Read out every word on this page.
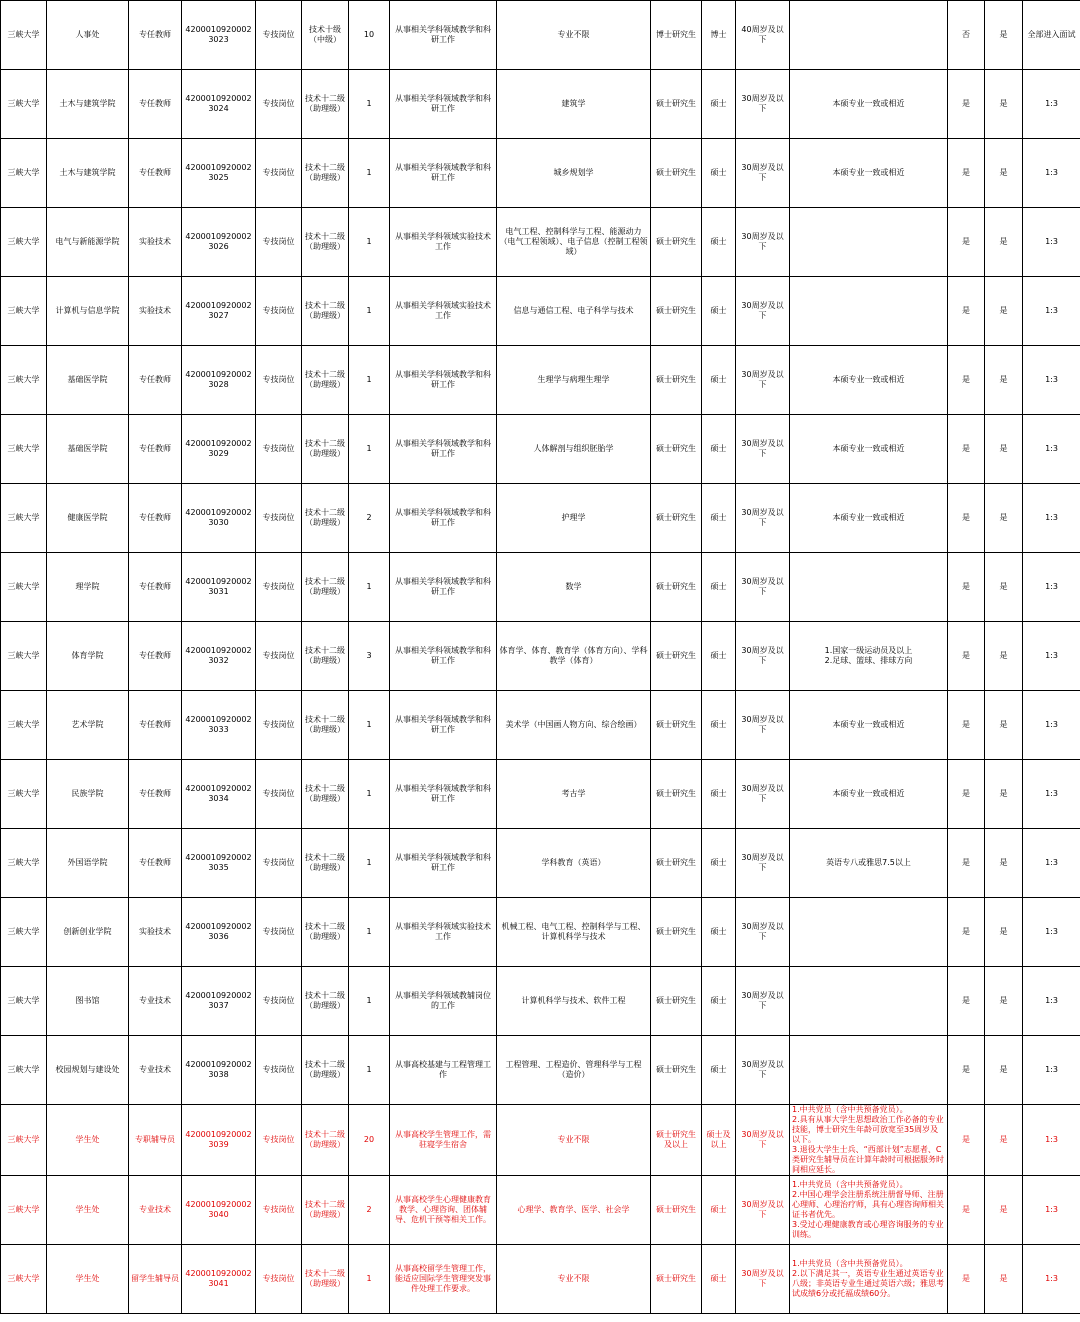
三峡大学	人事处	专任教师	42000109200023023	专技岗位	技术十级（中级）	10	从事相关学科领域教学和科研工作	专业不限	博士研究生	博士	40周岁及以下		否	是	全部进入面试
三峡大学	土木与建筑学院	专任教师	42000109200023024	专技岗位	技术十二级（助理级）	1	从事相关学科领域教学和科研工作	建筑学	硕士研究生	硕士	30周岁及以下	本硕专业一致或相近	是	是	1:3
三峡大学	土木与建筑学院	专任教师	42000109200023025	专技岗位	技术十二级（助理级）	1	从事相关学科领域教学和科研工作	城乡规划学	硕士研究生	硕士	30周岁及以下	本硕专业一致或相近	是	是	1:3
三峡大学	电气与新能源学院	实验技术	42000109200023026	专技岗位	技术十二级（助理级）	1	从事相关学科领域实验技术工作	电气工程、控制科学与工程、能源动力（电气工程领域）、电子信息（控制工程领域）	硕士研究生	硕士	30周岁及以下		是	是	1:3
三峡大学	计算机与信息学院	实验技术	42000109200023027	专技岗位	技术十二级（助理级）	1	从事相关学科领域实验技术工作	信息与通信工程、电子科学与技术	硕士研究生	硕士	30周岁及以下		是	是	1:3
三峡大学	基础医学院	专任教师	42000109200023028	专技岗位	技术十二级（助理级）	1	从事相关学科领域教学和科研工作	生理学与病理生理学	硕士研究生	硕士	30周岁及以下	本硕专业一致或相近	是	是	1:3
三峡大学	基础医学院	专任教师	42000109200023029	专技岗位	技术十二级（助理级）	1	从事相关学科领域教学和科研工作	人体解剖与组织胚胎学	硕士研究生	硕士	30周岁及以下	本硕专业一致或相近	是	是	1:3
三峡大学	健康医学院	专任教师	42000109200023030	专技岗位	技术十二级（助理级）	2	从事相关学科领域教学和科研工作	护理学	硕士研究生	硕士	30周岁及以下	本硕专业一致或相近	是	是	1:3
三峡大学	理学院	专任教师	42000109200023031	专技岗位	技术十二级（助理级）	1	从事相关学科领域教学和科研工作	数学	硕士研究生	硕士	30周岁及以下		是	是	1:3
三峡大学	体育学院	专任教师	42000109200023032	专技岗位	技术十二级（助理级）	3	从事相关学科领域教学和科研工作	体育学、体育、教育学（体育方向）、学科教学（体育）	硕士研究生	硕士	30周岁及以下	1.国家一级运动员及以上
2.足球、篮球、排球方向	是	是	1:3
三峡大学	艺术学院	专任教师	42000109200023033	专技岗位	技术十二级（助理级）	1	从事相关学科领域教学和科研工作	美术学（中国画人物方向、综合绘画）	硕士研究生	硕士	30周岁及以下	本硕专业一致或相近	是	是	1:3
三峡大学	民族学院	专任教师	42000109200023034	专技岗位	技术十二级（助理级）	1	从事相关学科领域教学和科研工作	考古学	硕士研究生	硕士	30周岁及以下	本硕专业一致或相近	是	是	1:3
三峡大学	外国语学院	专任教师	42000109200023035	专技岗位	技术十二级（助理级）	1	从事相关学科领域教学和科研工作	学科教育（英语）	硕士研究生	硕士	30周岁及以下	英语专八或雅思7.5以上	是	是	1:3
三峡大学	创新创业学院	实验技术	42000109200023036	专技岗位	技术十二级（助理级）	1	从事相关学科领域实验技术工作	机械工程、电气工程、控制科学与工程、计算机科学与技术	硕士研究生	硕士	30周岁及以下		是	是	1:3
三峡大学	图书馆	专业技术	42000109200023037	专技岗位	技术十二级（助理级）	1	从事相关学科领域教辅岗位的工作	计算机科学与技术、软件工程	硕士研究生	硕士	30周岁及以下		是	是	1:3
三峡大学	校园规划与建设处	专业技术	42000109200023038	专技岗位	技术十二级（助理级）	1	从事高校基建与工程管理工作	工程管理、工程造价、管理科学与工程（造价）	硕士研究生	硕士	30周岁及以下		是	是	1:3
三峡大学	学生处	专职辅导员	42000109200023039	专技岗位	技术十二级（助理级）	20	从事高校学生管理工作，需驻寝学生宿舍	专业不限	硕士研究生及以上	硕士及以上	30周岁及以下	1.中共党员（含中共预备党员）。
2.具有从事大学生思想政治工作必备的专业技能，博士研究生年龄可放宽至35周岁及以下。
3.退役大学生士兵、“西部计划”志愿者、C类研究生辅导员在计算年龄时可根据服务时间相应延长。	是	是	1:3
三峡大学	学生处	专业技术	42000109200023040	专技岗位	技术十二级（助理级）	2	从事高校学生心理健康教育教学、心理咨询、团体辅导、危机干预等相关工作。	心理学、教育学、医学、社会学	硕士研究生	硕士	30周岁及以下	1.中共党员（含中共预备党员）。
2.中国心理学会注册系统注册督导师、注册心理师、心理治疗师，具有心理咨询师相关证书者优先。
3.受过心理健康教育或心理咨询服务的专业训练。	是	是	1:3
三峡大学	学生处	留学生辅导员	42000109200023041	专技岗位	技术十二级（助理级）	1	从事高校留学生管理工作，能适应国际学生管理突发事件处理工作要求。	专业不限	硕士研究生	硕士	30周岁及以下	1.中共党员（含中共预备党员）。
2.以下满足其一，英语专业生通过英语专业八级；非英语专业生通过英语六级；雅思考试成绩6分或托福成绩60分。	是	是	1:3
